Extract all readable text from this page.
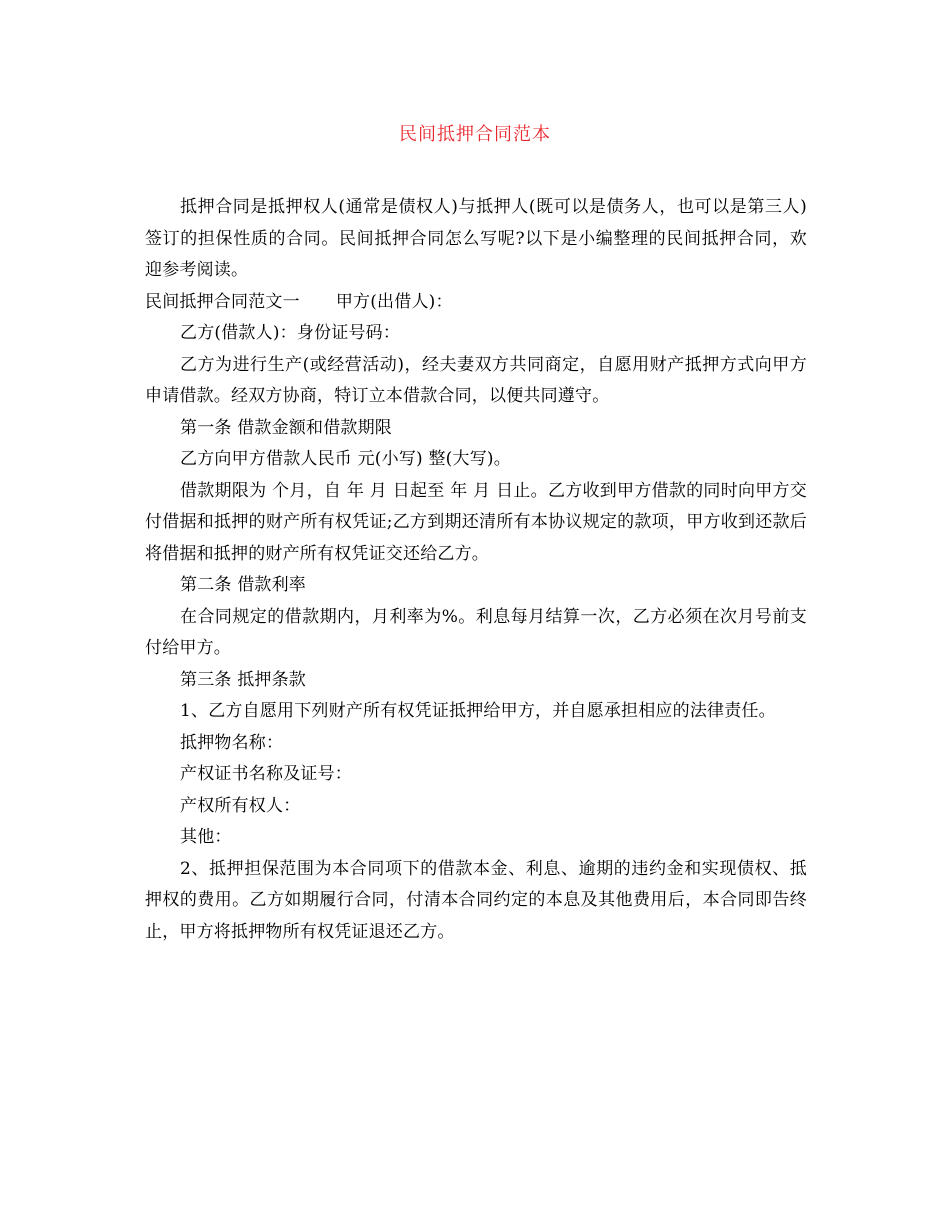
民间抵押合同范本

抵押合同是抵押权人(通常是债权人)与抵押人(既可以是债务人，也可以是第三人)签订的担保性质的合同。民间抵押合同怎么写呢?以下是小编整理的民间抵押合同，欢迎参考阅读。

民间抵押合同范文一 甲方(出借人)：

乙方(借款人)：身份证号码：

乙方为进行生产(或经营活动)，经夫妻双方共同商定，自愿用财产抵押方式向甲方申请借款。经双方协商，特订立本借款合同，以便共同遵守。

第一条 借款金额和借款期限

乙方向甲方借款人民币 元(小写) 整(大写)。

借款期限为 个月，自 年 月 日起至 年 月 日止。乙方收到甲方借款的同时向甲方交付借据和抵押的财产所有权凭证;乙方到期还清所有本协议规定的款项，甲方收到还款后将借据和抵押的财产所有权凭证交还给乙方。

第二条 借款利率

在合同规定的借款期内，月利率为%。利息每月结算一次，乙方必须在次月号前支付给甲方。

第三条 抵押条款

1、乙方自愿用下列财产所有权凭证抵押给甲方，并自愿承担相应的法律责任。

抵押物名称：

产权证书名称及证号：

产权所有权人：

其他：

2、抵押担保范围为本合同项下的借款本金、利息、逾期的违约金和实现债权、抵押权的费用。乙方如期履行合同，付清本合同约定的本息及其他费用后，本合同即告终止，甲方将抵押物所有权凭证退还乙方。
